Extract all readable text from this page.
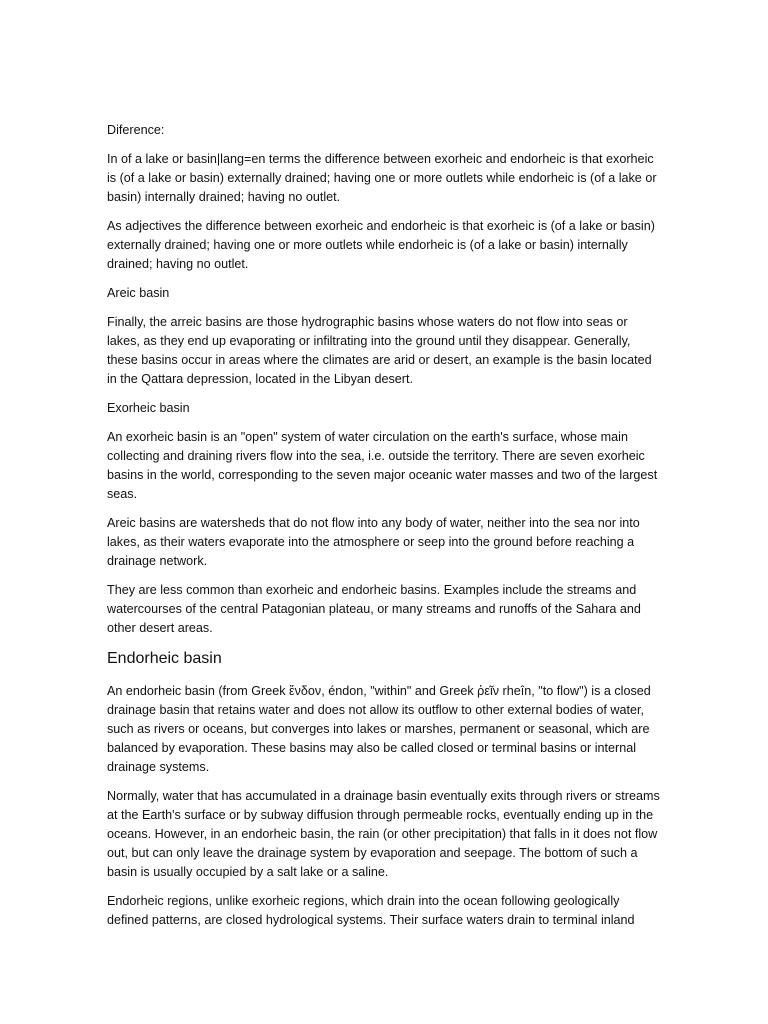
Diference:

In of a lake or basin|lang=en terms the difference between exorheic and endorheic is that exorheic is (of a lake or basin) externally drained; having one or more outlets while endorheic is (of a lake or basin) internally drained; having no outlet.

As adjectives the difference between exorheic and endorheic is that exorheic is (of a lake or basin) externally drained; having one or more outlets while endorheic is (of a lake or basin) internally drained; having no outlet.

Areic basin

Finally, the arreic basins are those hydrographic basins whose waters do not flow into seas or lakes, as they end up evaporating or infiltrating into the ground until they disappear. Generally, these basins occur in areas where the climates are arid or desert, an example is the basin located in the Qattara depression, located in the Libyan desert.

Exorheic basin

An exorheic basin is an "open" system of water circulation on the earth's surface, whose main collecting and draining rivers flow into the sea, i.e. outside the territory. There are seven exorheic basins in the world, corresponding to the seven major oceanic water masses and two of the largest seas.

Areic basins are watersheds that do not flow into any body of water, neither into the sea nor into lakes, as their waters evaporate into the atmosphere or seep into the ground before reaching a drainage network.

They are less common than exorheic and endorheic basins. Examples include the streams and watercourses of the central Patagonian plateau, or many streams and runoffs of the Sahara and other desert areas.

Endorheic basin

An endorheic basin (from Greek ἔνδον, éndon, "within" and Greek ῥεῖν rheîn, "to flow") is a closed drainage basin that retains water and does not allow its outflow to other external bodies of water, such as rivers or oceans, but converges into lakes or marshes, permanent or seasonal, which are balanced by evaporation. These basins may also be called closed or terminal basins or internal drainage systems.

Normally, water that has accumulated in a drainage basin eventually exits through rivers or streams at the Earth's surface or by subway diffusion through permeable rocks, eventually ending up in the oceans. However, in an endorheic basin, the rain (or other precipitation) that falls in it does not flow out, but can only leave the drainage system by evaporation and seepage. The bottom of such a basin is usually occupied by a salt lake or a saline.

Endorheic regions, unlike exorheic regions, which drain into the ocean following geologically defined patterns, are closed hydrological systems. Their surface waters drain to terminal inland
